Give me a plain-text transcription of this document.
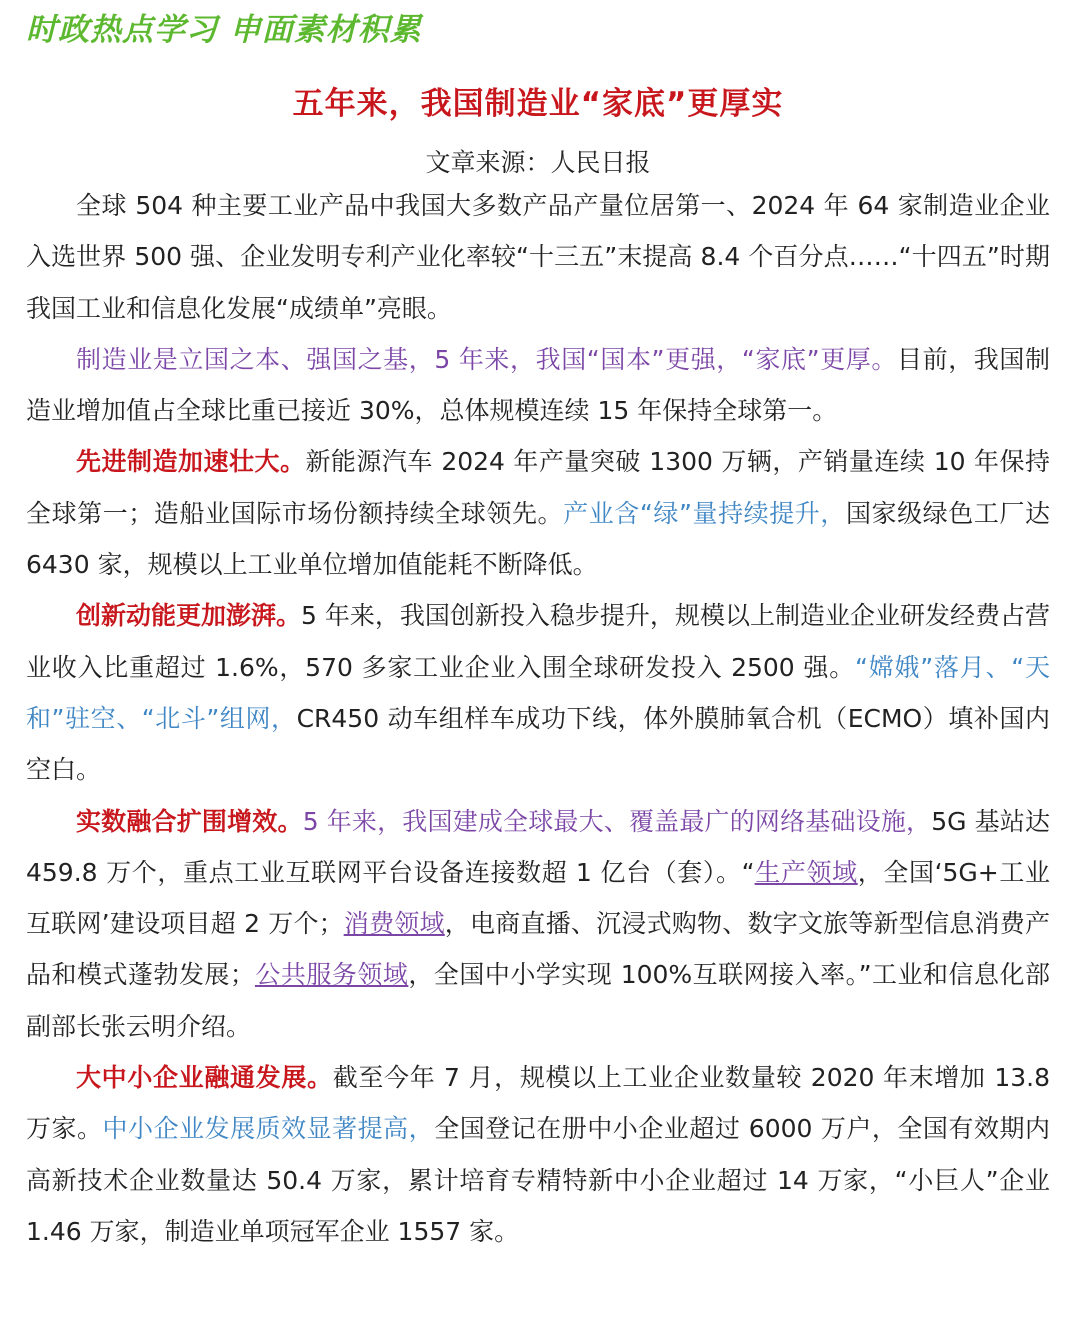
时政热点学习 申面素材积累
五年来，我国制造业“家底”更厚实
文章来源：人民日报

全球 504 种主要工业产品中我国大多数产品产量位居第一、2024 年 64 家制造业企业入选世界 500 强、企业发明专利产业化率较“十三五”末提高 8.4 个百分点……“十四五”时期我国工业和信息化发展“成绩单”亮眼。

制造业是立国之本、强国之基，5 年来，我国“国本”更强，“家底”更厚。目前，我国制造业增加值占全球比重已接近 30%，总体规模连续 15 年保持全球第一。

先进制造加速壮大。新能源汽车 2024 年产量突破 1300 万辆，产销量连续 10 年保持全球第一；造船业国际市场份额持续全球领先。产业含“绿”量持续提升，国家级绿色工厂达 6430 家，规模以上工业单位增加值能耗不断降低。

创新动能更加澎湃。5 年来，我国创新投入稳步提升，规模以上制造业企业研发经费占营业收入比重超过 1.6%，570 多家工业企业入围全球研发投入 2500 强。“嫦娥”落月、“天和”驻空、“北斗”组网，CR450 动车组样车成功下线，体外膜肺氧合机（ECMO）填补国内空白。

实数融合扩围增效。5 年来，我国建成全球最大、覆盖最广的网络基础设施，5G 基站达 459.8 万个，重点工业互联网平台设备连接数超 1 亿台（套）。“生产领域，全国‘5G+工业互联网’建设项目超 2 万个；消费领域，电商直播、沉浸式购物、数字文旅等新型信息消费产品和模式蓬勃发展；公共服务领域，全国中小学实现 100%互联网接入率。”工业和信息化部副部长张云明介绍。

大中小企业融通发展。截至今年 7 月，规模以上工业企业数量较 2020 年末增加 13.8 万家。中小企业发展质效显著提高，全国登记在册中小企业超过 6000 万户，全国有效期内高新技术企业数量达 50.4 万家，累计培育专精特新中小企业超过 14 万家，“小巨人”企业 1.46 万家，制造业单项冠军企业 1557 家。
